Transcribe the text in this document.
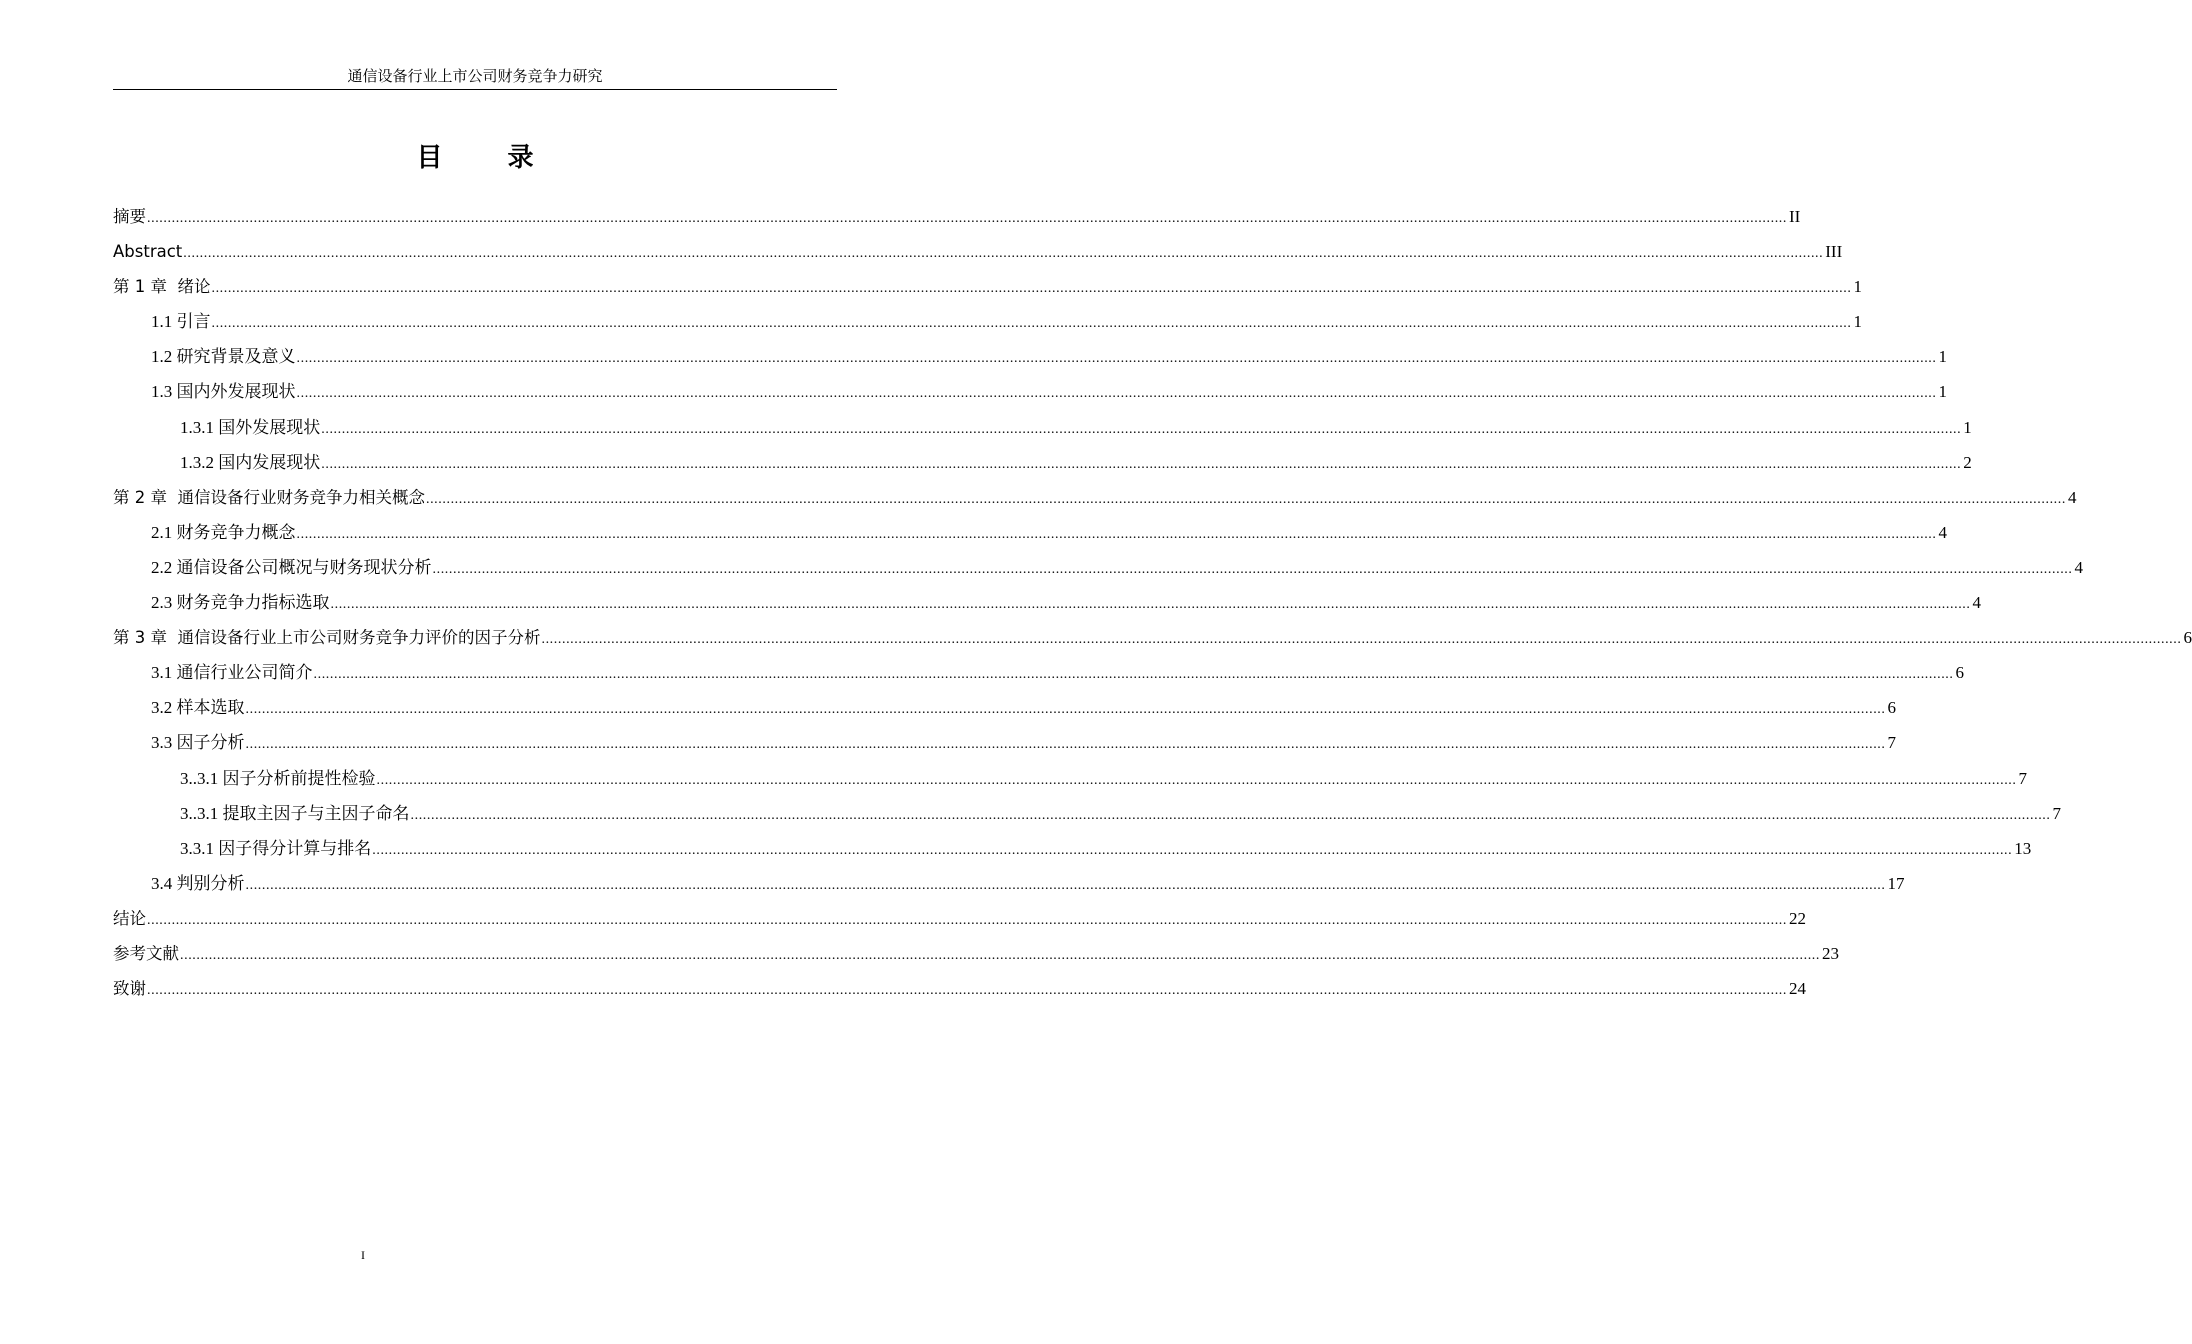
通信设备行业上市公司财务竞争力研究
目 录
摘要 ................................................................................................................................................................................................................................................................................................................................................................................................................ II
Abstract ................................................................................................................................................................................................................................................................................................................................................................................................................ III
第 1 章  绪论 ................................................................................................................................................................................................................................................................................................................................................................................................................ 1
1.1 引言 ................................................................................................................................................................................................................................................................................................................................................................................................................ 1
1.2 研究背景及意义 ................................................................................................................................................................................................................................................................................................................................................................................................................ 1
1.3 国内外发展现状 ................................................................................................................................................................................................................................................................................................................................................................................................................ 1
1.3.1 国外发展现状 ................................................................................................................................................................................................................................................................................................................................................................................................................ 1
1.3.2 国内发展现状 ................................................................................................................................................................................................................................................................................................................................................................................................................ 2
第 2 章  通信设备行业财务竞争力相关概念 ................................................................................................................................................................................................................................................................................................................................................................................................................ 4
2.1 财务竞争力概念 ................................................................................................................................................................................................................................................................................................................................................................................................................ 4
2.2 通信设备公司概况与财务现状分析 ................................................................................................................................................................................................................................................................................................................................................................................................................ 4
2.3 财务竞争力指标选取 ................................................................................................................................................................................................................................................................................................................................................................................................................ 4
第 3 章  通信设备行业上市公司财务竞争力评价的因子分析 ................................................................................................................................................................................................................................................................................................................................................................................................................ 6
3.1 通信行业公司简介 ................................................................................................................................................................................................................................................................................................................................................................................................................ 6
3.2 样本选取 ................................................................................................................................................................................................................................................................................................................................................................................................................ 6
3.3 因子分析 ................................................................................................................................................................................................................................................................................................................................................................................................................ 7
3..3.1 因子分析前提性检验 ................................................................................................................................................................................................................................................................................................................................................................................................................ 7
3..3.1 提取主因子与主因子命名 ................................................................................................................................................................................................................................................................................................................................................................................................................ 7
3.3.1 因子得分计算与排名 ................................................................................................................................................................................................................................................................................................................................................................................................................ 13
3.4 判别分析 ................................................................................................................................................................................................................................................................................................................................................................................................................ 17
结论 ................................................................................................................................................................................................................................................................................................................................................................................................................ 22
参考文献 ................................................................................................................................................................................................................................................................................................................................................................................................................ 23
致谢 ................................................................................................................................................................................................................................................................................................................................................................................................................ 24
I
